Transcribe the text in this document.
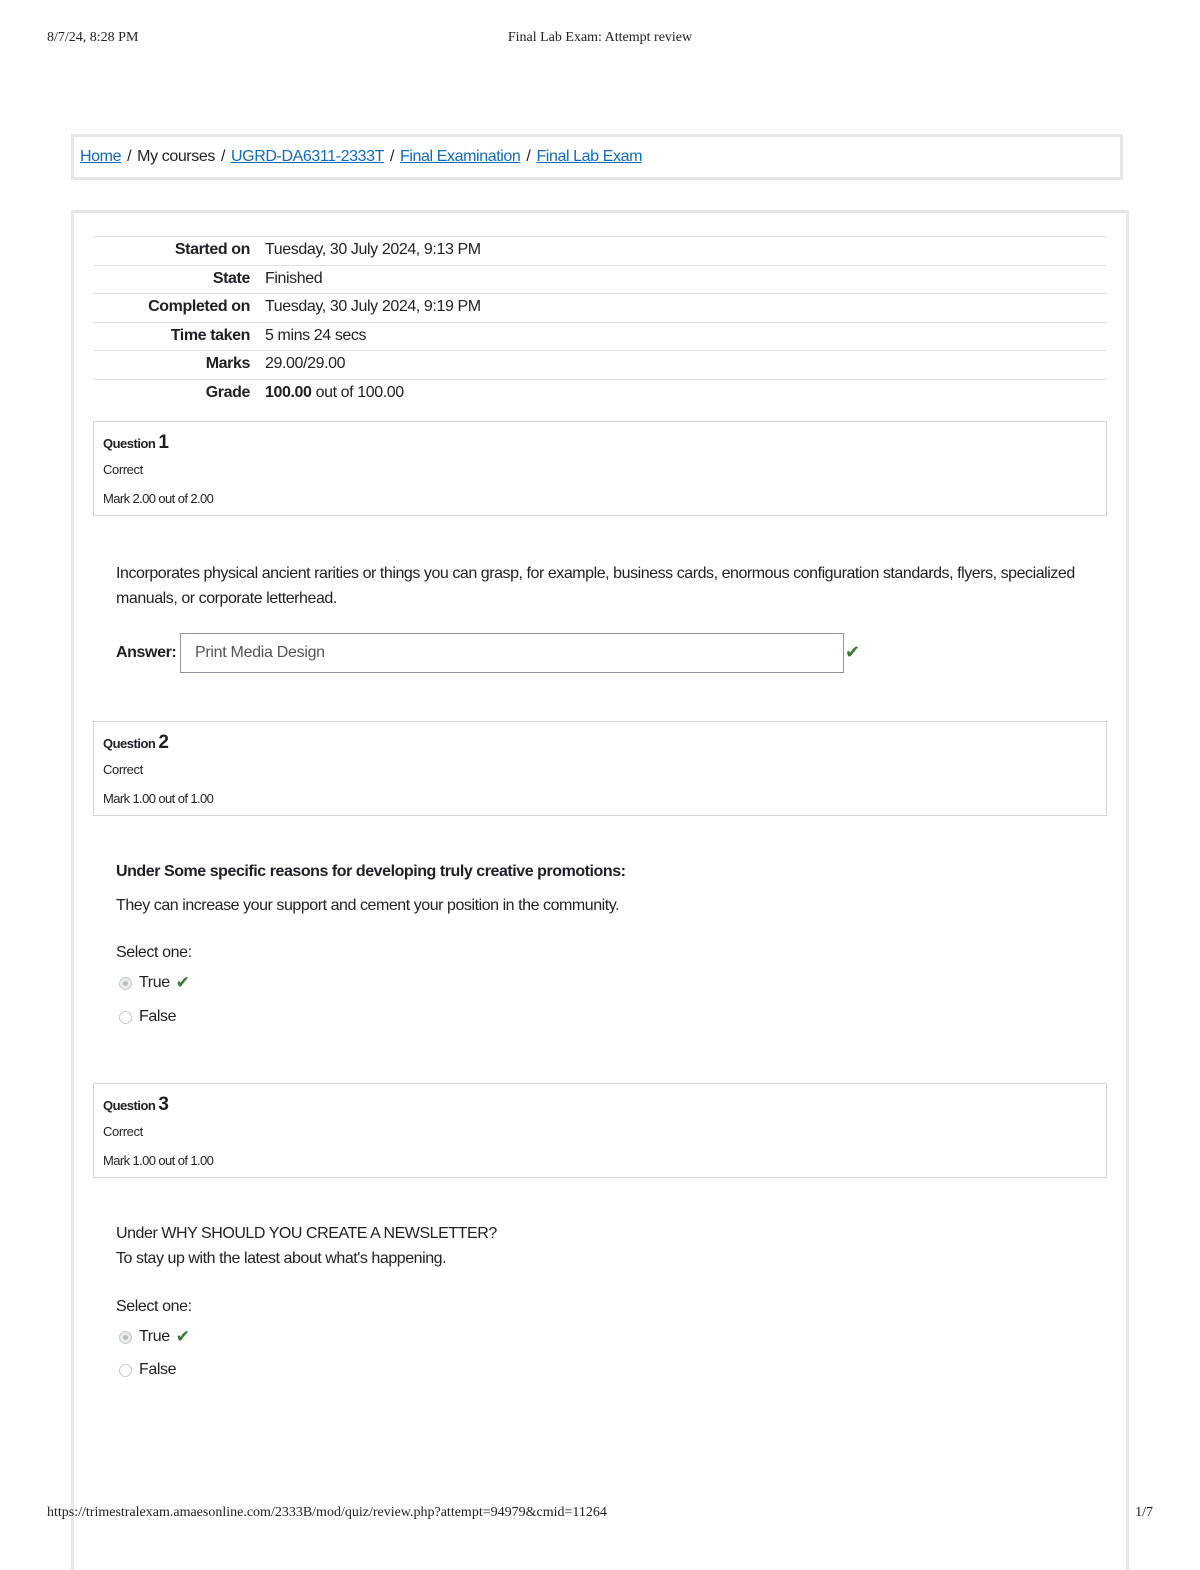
8/7/24, 8:28 PM	Final Lab Exam: Attempt review
Home / My courses / UGRD-DA6311-2333T / Final Examination / Final Lab Exam
Started on Tuesday, 30 July 2024, 9:13 PM
State Finished
Completed on Tuesday, 30 July 2024, 9:19 PM
Time taken 5 mins 24 secs
Marks 29.00/29.00
Grade 100.00 out of 100.00
Question 1
Correct
Mark 2.00 out of 2.00
Incorporates physical ancient rarities or things you can grasp, for example, business cards, enormous configuration standards, flyers, specialized manuals, or corporate letterhead.
Answer:
Print Media Design	✔
Question 2
Correct
Mark 1.00 out of 1.00
Under Some specific reasons for developing truly creative promotions:
They can increase your support and cement your position in the community.
Select one:
True ✔
False
Question 3
Correct
Mark 1.00 out of 1.00
Under WHY SHOULD YOU CREATE A NEWSLETTER?
To stay up with the latest about what's happening.
Select one:
True ✔
False
https://trimestralexam.amaesonline.com/2333B/mod/quiz/review.php?attempt=94979&cmid=11264	1/7
